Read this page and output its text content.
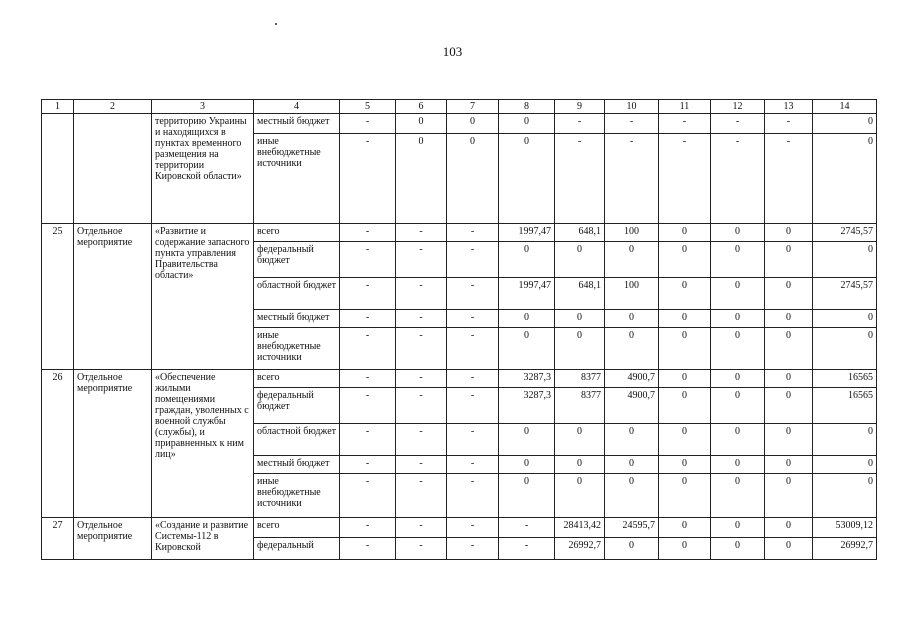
103
1	2	3	4	5	6	7	8	9	10	11	12	13	14
		территорию Украины и находящихся в пунктах временного размещения на территории Кировской области»	местный бюджет	-	0	0	0	-	-	-	-	-	0
			иные внебюджетные источники	-	0	0	0	-	-	-	-	-	0
25	Отдельное мероприятие	«Развитие и содержание запасного пункта управления Правительства области»	всего	-	-	-	1997,47	648,1	100	0	0	0	2745,57
			федеральный бюджет	-	-	-	0	0	0	0	0	0	0
			областной бюджет	-	-	-	1997,47	648,1	100	0	0	0	2745,57
			местный бюджет	-	-	-	0	0	0	0	0	0	0
			иные внебюджетные источники	-	-	-	0	0	0	0	0	0	0
26	Отдельное мероприятие	«Обеспечение жилыми помещениями граждан, уволенных с военной службы (службы), и приравненных к ним лиц»	всего	-	-	-	3287,3	8377	4900,7	0	0	0	16565
			федеральный бюджет	-	-	-	3287,3	8377	4900,7	0	0	0	16565
			областной бюджет	-	-	-	0	0	0	0	0	0	0
			местный бюджет	-	-	-	0	0	0	0	0	0	0
			иные внебюджетные источники	-	-	-	0	0	0	0	0	0	0
27	Отдельное мероприятие	«Создание и развитие Системы-112 в Кировской	всего	-	-	-	-	28413,42	24595,7	0	0	0	53009,12
			федеральный	-	-	-	-	26992,7	0	0	0	0	26992,7
